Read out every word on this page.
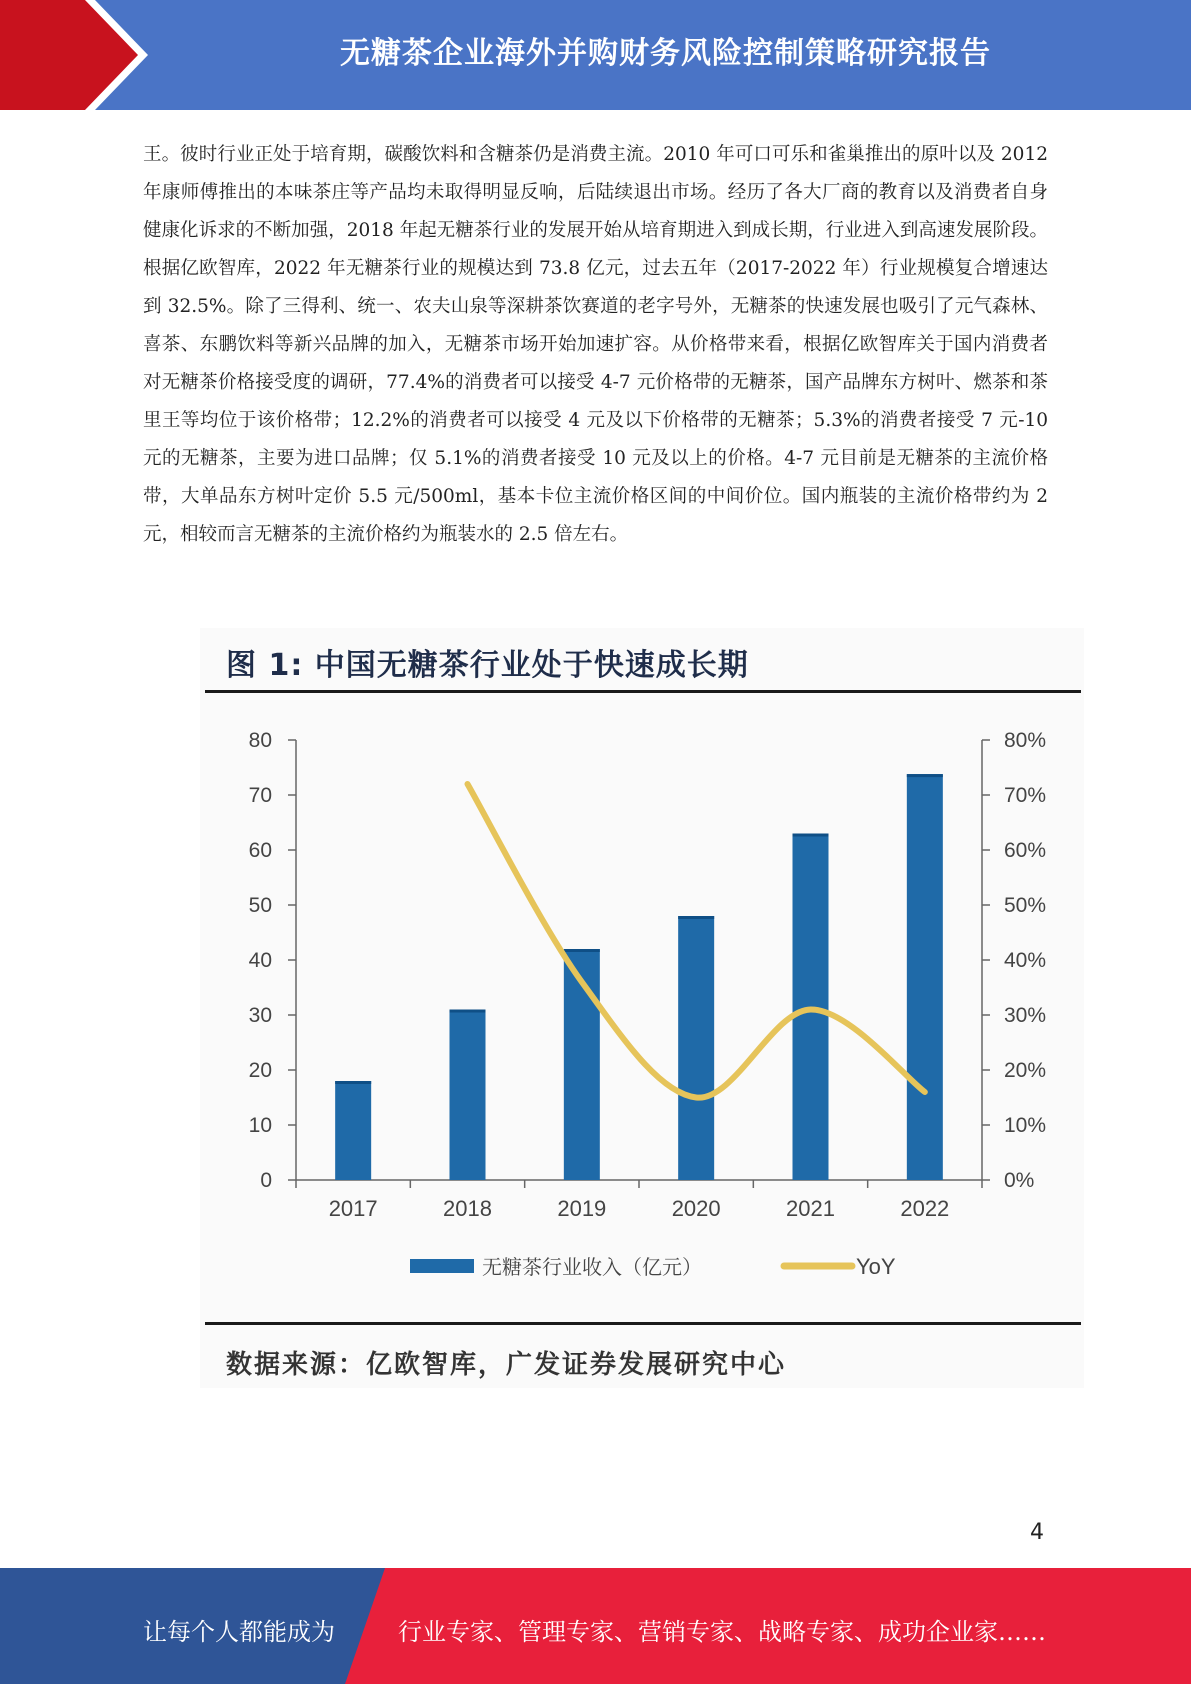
无糖茶企业海外并购财务风险控制策略研究报告
王。彼时行业正处于培育期，碳酸饮料和含糖茶仍是消费主流。2010 年可口可乐和雀巢推出的原叶以及 2012 年康师傅推出的本味茶庄等产品均未取得明显反响，后陆续退出市场。经历了各大厂商的教育以及消费者自身健康化诉求的不断加强，2018 年起无糖茶行业的发展开始从培育期进入到成长期，行业进入到高速发展阶段。根据亿欧智库，2022 年无糖茶行业的规模达到 73.8 亿元，过去五年（2017-2022 年）行业规模复合增速达到 32.5%。除了三得利、统一、农夫山泉等深耕茶饮赛道的老字号外，无糖茶的快速发展也吸引了元气森林、喜茶、东鹏饮料等新兴品牌的加入，无糖茶市场开始加速扩容。从价格带来看，根据亿欧智库关于国内消费者对无糖茶价格接受度的调研，77.4%的消费者可以接受 4-7 元价格带的无糖茶，国产品牌东方树叶、燃茶和茶里王等均位于该价格带；12.2%的消费者可以接受 4 元及以下价格带的无糖茶；5.3%的消费者接受 7 元-10 元的无糖茶，主要为进口品牌；仅 5.1%的消费者接受 10 元及以上的价格。4-7 元目前是无糖茶的主流价格带，大单品东方树叶定价 5.5 元/500ml，基本卡位主流价格区间的中间价位。国内瓶装的主流价格带约为 2 元，相较而言无糖茶的主流价格约为瓶装水的 2.5 倍左右。
图 1: 中国无糖茶行业处于快速成长期
0
10
20
30
40
50
60
70
80
0%
10%
20%
30%
40%
50%
60%
70%
80%
2017	2018	2019	2020	2021	2022
无糖茶行业收入（亿元）	YoY
数据来源：亿欧智库，广发证券发展研究中心
4
让每个人都能成为	行业专家、管理专家、营销专家、战略专家、成功企业家……
